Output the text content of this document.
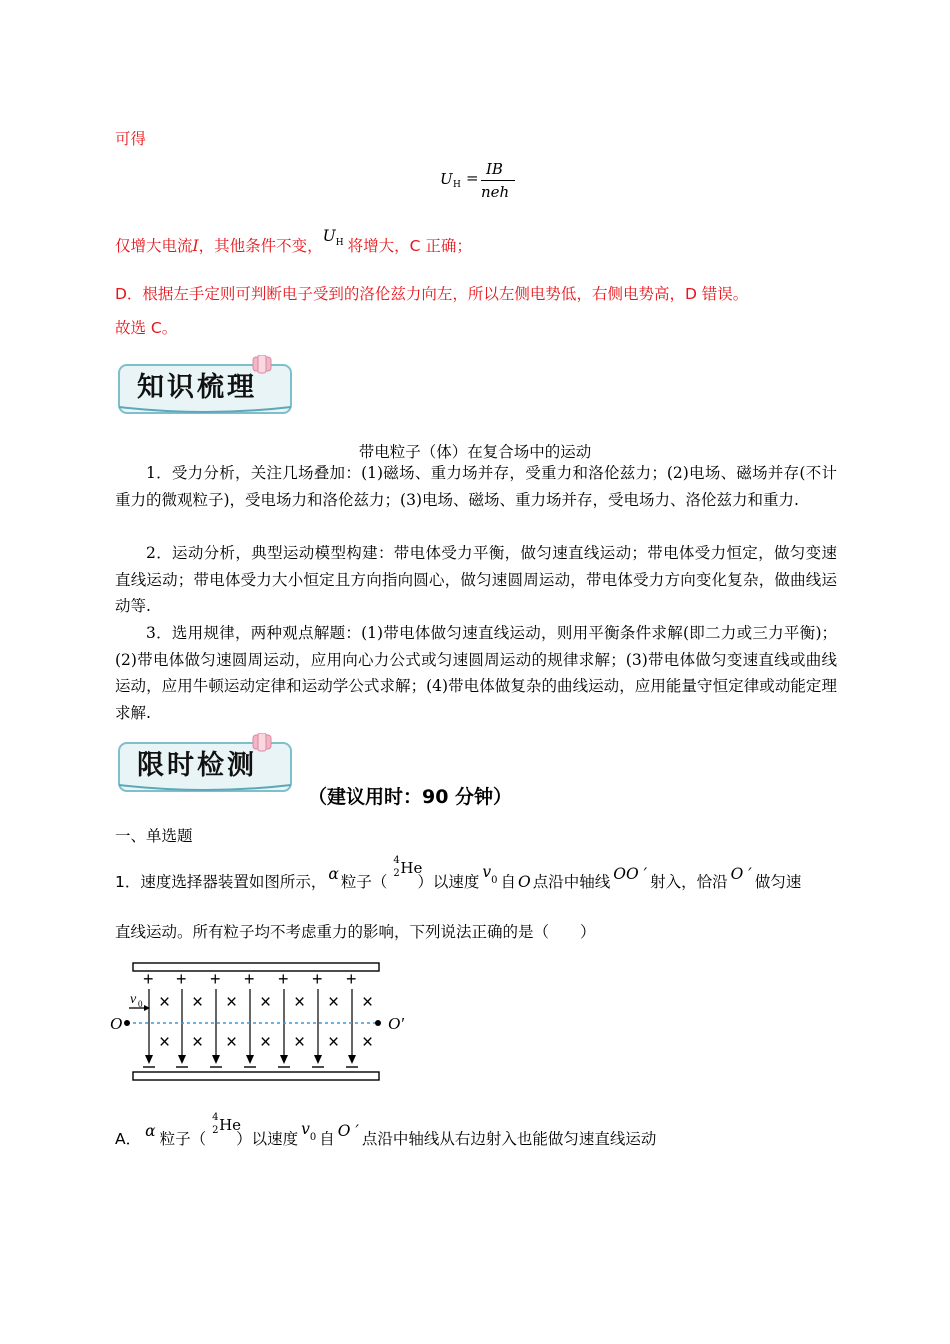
可得
U H = IB
neh
仅增大电流I，其他条件不变，$U^H$ 将增大，C 正确；
D．根据左手定则可判断电子受到的洛伦兹力向左，所以左侧电势低，右侧电势高，D 错误。
故选 C。
知识梳理
带电粒子（体）在复合场中的运动
1．受力分析，关注几场叠加：(1)磁场、重力场并存，受重力和洛伦兹力；(2)电场、磁场并存(不计重力的微观粒子)，受电场力和洛伦兹力；(3)电场、磁场、重力场并存，受电场力、洛伦兹力和重力.
2．运动分析，典型运动模型构建：带电体受力平衡，做匀速直线运动；带电体受力恒定，做匀变速直线运动；带电体受力大小恒定且方向指向圆心，做匀速圆周运动，带电体受力方向变化复杂，做曲线运动等.
3．选用规律，两种观点解题：(1)带电体做匀速直线运动，则用平衡条件求解(即二力或三力平衡)；(2)带电体做匀速圆周运动，应用向心力公式或匀速圆周运动的规律求解；(3)带电体做匀变速直线或曲线运动，应用牛顿运动定律和运动学公式求解；(4)带电体做复杂的曲线运动，应用能量守恒定律或动能定理求解.
限时检测
（建议用时：90 分钟）
一、单选题
1．速度选择器装置如图所示， α 粒子（
4
2 He
）以速度$v^0$ 自 O 点沿中轴线 OO ′ 射入，恰沿 O ′ 做匀速
直线运动。所有粒子均不考虑重力的影响，下列说法正确的是（　　）
+ + + + + + +
× × × × × × ×
× × × × × × ×
O	O′
v 0
A． α 粒子（
4
2 He
）以速度$v^0$ 自 O ′ 点沿中轴线从右边射入也能做匀速直线运动
